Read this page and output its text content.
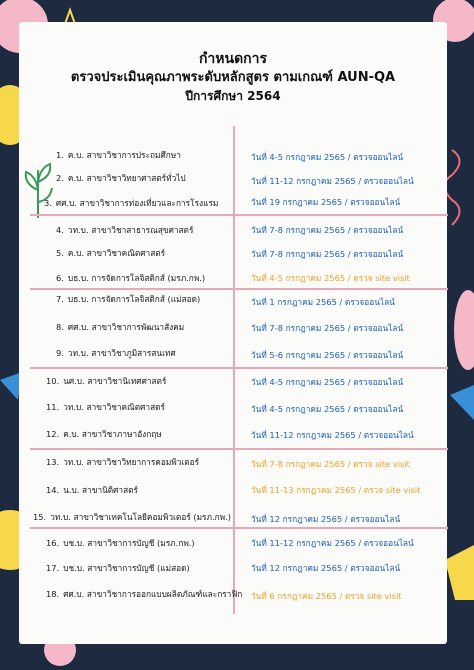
กำหนดการ
ตรวจประเมินคุณภาพระดับหลักสูตร ตามเกณฑ์ AUN-QA
ปีการศึกษา 2564
1. ค.บ. สาขาวิชาการประถมศึกษา	วันที่ 4-5 กรกฎาคม 2565 / ตรวจออนไลน์
2. ค.บ. สาขาวิชาวิทยาศาสตร์ทั่วไป	วันที่ 11-12 กรกฎาคม 2565 / ตรวจออนไลน์
3. ศศ.บ. สาขาวิชาการท่องเที่ยวและการโรงแรม	วันที่ 19 กรกฎาคม 2565 / ตรวจออนไลน์
4. วท.บ. สาขาวิชาสาธารณสุขศาสตร์	วันที่ 7-8 กรกฎาคม 2565 / ตรวจออนไลน์
5. ค.บ. สาขาวิชาคณิตศาสตร์	วันที่ 7-8 กรกฎาคม 2565 / ตรวจออนไลน์
6. บธ.บ. การจัดการโลจิสติกส์ (มรภ.กพ.)	วันที่ 4-5 กรกฎาคม 2565 / ตรวจ site visit
7. บธ.บ. การจัดการโลจิสติกส์ (แม่สอด)	วันที่ 1 กรกฎาคม 2565 / ตรวจออนไลน์
8. ศศ.บ. สาขาวิชาการพัฒนาสังคม	วันที่ 7-8 กรกฎาคม 2565 / ตรวจออนไลน์
9. วท.บ. สาขาวิชาภูมิสารสนเทศ	วันที่ 5-6 กรกฎาคม 2565 / ตรวจออนไลน์
10. นศ.บ. สาขาวิชานิเทศศาสตร์	วันที่ 4-5 กรกฎาคม 2565 / ตรวจออนไลน์
11. วท.บ. สาขาวิชาคณิตศาสตร์	วันที่ 4-5 กรกฎาคม 2565 / ตรวจออนไลน์
12. ค.บ. สาขาวิชาภาษาอังกฤษ	วันที่ 11-12 กรกฎาคม 2565 / ตรวจออนไลน์
13. วท.บ. สาขาวิชาวิทยาการคอมพิวเตอร์	วันที่ 7-8 กรกฎาคม 2565 / ตรวจ site visit
14. น.บ. สาขานิติศาสตร์	วันที่ 11-13 กรกฎาคม 2565 / ตรวจ site visit
15. วท.บ. สาขาวิชาเทคโนโลยีคอมพิวเตอร์ (มรภ.กพ.) วันที่ 12 กรกฎาคม 2565 / ตรวจออนไลน์
16. บช.บ. สาขาวิชาการบัญชี (มรภ.กพ.)	วันที่ 11-12 กรกฎาคม 2565 / ตรวจออนไลน์
17. บช.บ. สาขาวิชาการบัญชี (แม่สอด)	วันที่ 12 กรกฎาคม 2565 / ตรวจออนไลน์
18. ศศ.บ. สาขาวิชาการออกแบบผลิตภัณฑ์และกราฟิก วันที่ 6 กรกฎาคม 2565 / ตรวจ site visit
